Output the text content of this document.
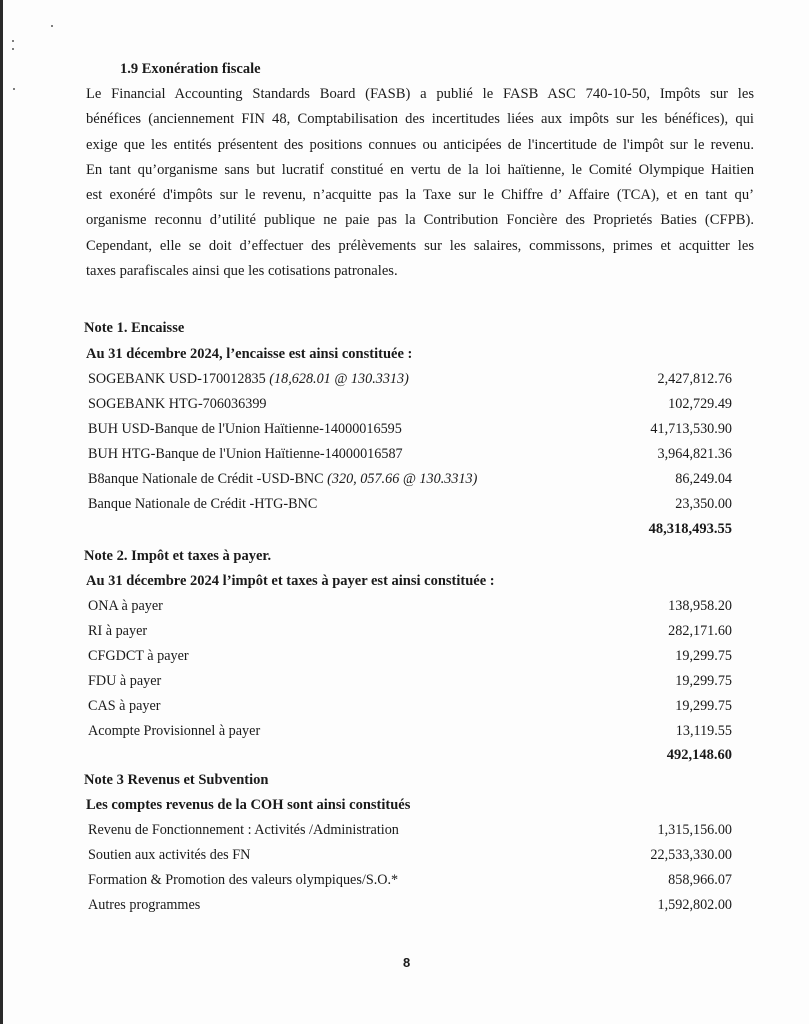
1.9 Exonération fiscale
Le Financial Accounting Standards Board (FASB) a publié le FASB ASC 740-10-50, Impôts sur les
bénéfices (anciennement FIN 48, Comptabilisation des incertitudes liées aux impôts sur les bénéfices), qui
exige que les entités présentent des positions connues ou anticipées de l'incertitude de l'impôt sur le revenu.
En tant qu’organisme sans but lucratif constitué en vertu de la loi haïtienne, le Comité Olympique Haitien
est exonéré d'impôts sur le revenu, n’acquitte pas la Taxe sur le Chiffre d’ Affaire (TCA), et en tant qu’
organisme reconnu d’utilité publique ne paie pas la Contribution Foncière des Proprietés Baties (CFPB).
Cependant, elle se doit d’effectuer des prélèvements sur les salaires, commissons, primes et acquitter les
taxes parafiscales ainsi que les cotisations patronales.
Note 1. Encaisse
Au 31 décembre 2024, l’encaisse est ainsi constituée :
SOGEBANK USD-170012835 (18,628.01 @ 130.3313)	2,427,812.76
SOGEBANK HTG-706036399	102,729.49
BUH USD-Banque de l'Union Haïtienne-14000016595	41,713,530.90
BUH HTG-Banque de l'Union Haïtienne-14000016587	3,964,821.36
B8anque Nationale de Crédit -USD-BNC (320, 057.66 @ 130.3313)	86,249.04
Banque Nationale de Crédit -HTG-BNC	23,350.00
48,318,493.55
Note 2. Impôt et taxes à payer.
Au 31 décembre 2024 l’impôt et taxes à payer est ainsi constituée :
ONA à payer	138,958.20
RI à payer	282,171.60
CFGDCT à payer	19,299.75
FDU à payer	19,299.75
CAS à payer	19,299.75
Acompte Provisionnel à payer	13,119.55
492,148.60
Note 3 Revenus et Subvention
Les comptes revenus de la COH sont ainsi constitués
Revenu de Fonctionnement : Activités /Administration	1,315,156.00
Soutien aux activités des FN	22,533,330.00
Formation & Promotion des valeurs olympiques/S.O.*	858,966.07
Autres programmes	1,592,802.00
8
